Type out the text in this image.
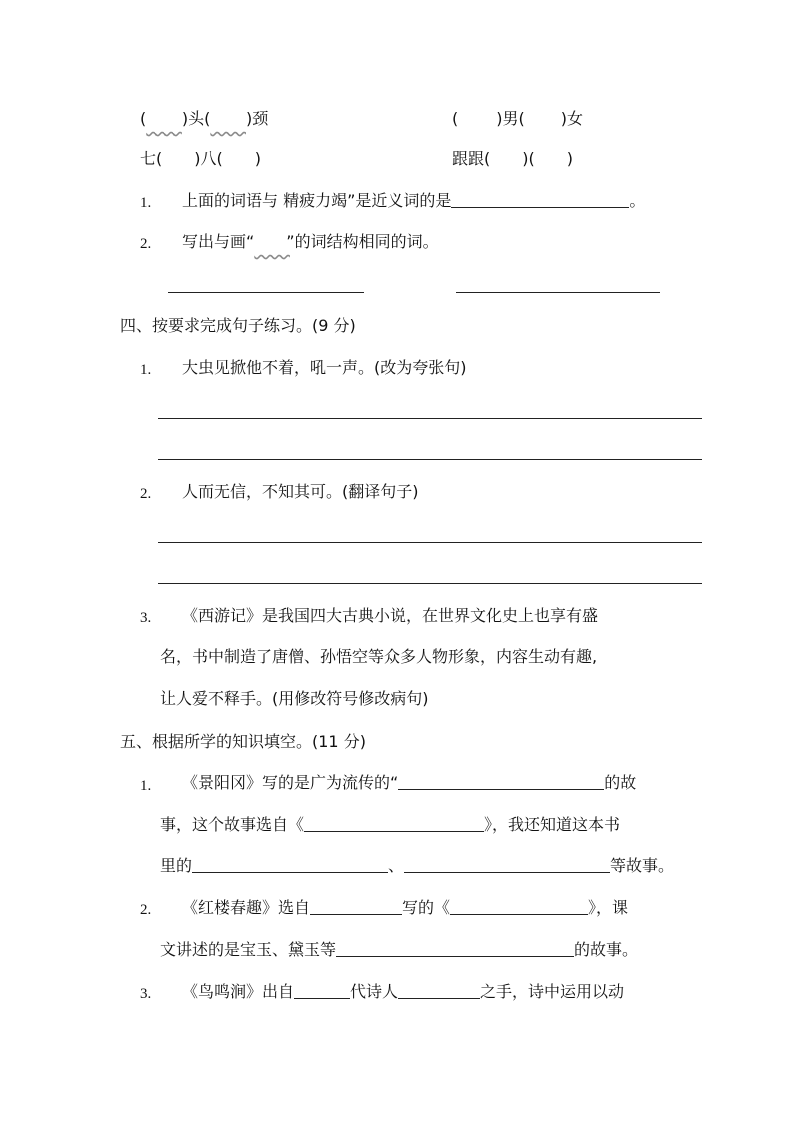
( )头( )颈	( )男( )女
七( )八( )	跟跟( )( )
1. 上面的词语与 精疲力竭”是近义词的是	。
2. 写出与画“ ”的词结构相同的词。
四、按要求完成句子练习。(9 分)
1. 大虫见掀他不着，吼一声。(改为夸张句)
2. 人而无信，不知其可。(翻译句子)
3. 《西游记》是我国四大古典小说，在世界文化史上也享有盛
名，书中制造了唐僧、孙悟空等众多人物形象，内容生动有趣,
让人爱不释手。(用修改符号修改病句)
五、根据所学的知识填空。(11 分)
1. 《景阳冈》写的是广为流传的“	的故
事，这个故事选自《	》，我还知道这本书
里的	、	等故事。
2. 《红楼春趣》选自	写的《	》，课
文讲述的是宝玉、黛玉等	的故事。
3. 《鸟鸣涧》出自	代诗人	之手，诗中运用以动
